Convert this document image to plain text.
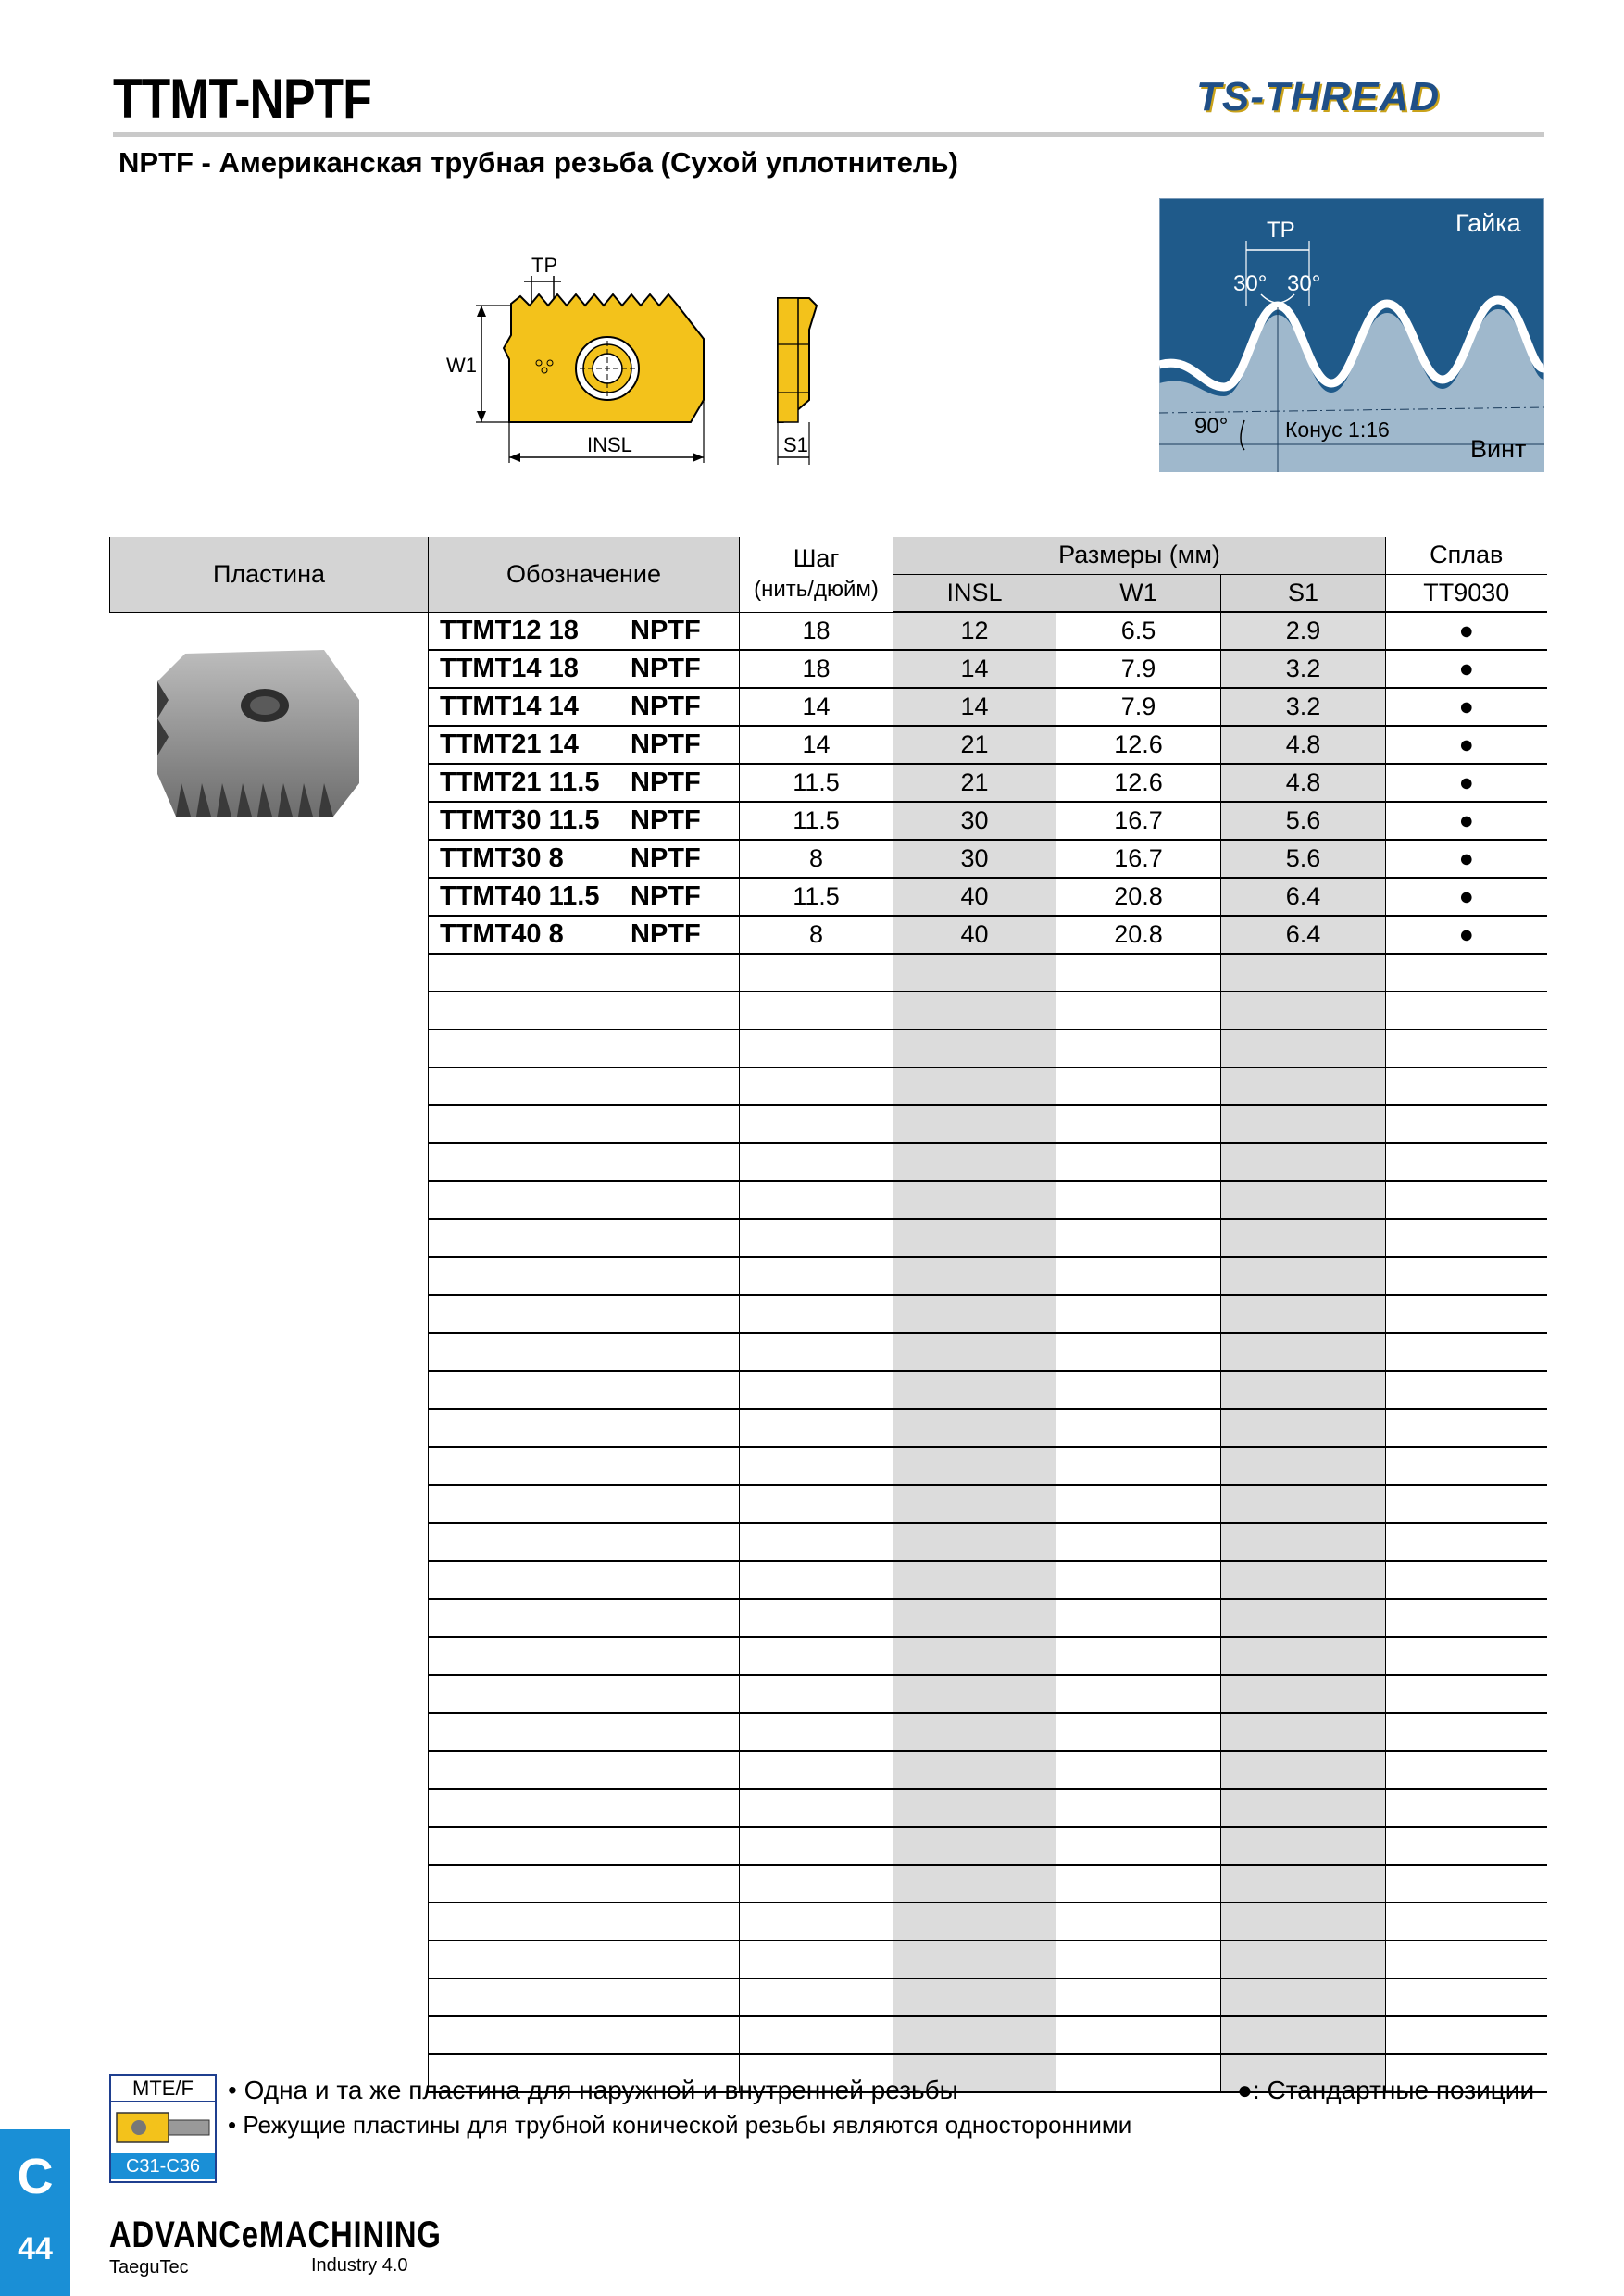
TTMT-NPTF	TS-THREAD
NPTF - Американская трубная резьба (Сухой уплотнитель)
TP
W1
INSL	S1
TP
30° 30°
Гайка
90°	Конус 1:16
Винт
Пластина	Обозначение	Шаг
(нить/дюйм)	Размеры (мм)			Сплав
			INSL	W1	S1	TT9030
	TTMT12 18 NPTF	18	12	6.5	2.9	●
	TTMT14 18 NPTF	18	14	7.9	3.2	●
	TTMT14 14 NPTF	14	14	7.9	3.2	●
	TTMT21 14 NPTF	14	21	12.6	4.8	●
	TTMT21 11.5 NPTF	11.5	21	12.6	4.8	●
	TTMT30 11.5 NPTF	11.5	30	16.7	5.6	●
	TTMT30 8 NPTF	8	30	16.7	5.6	●
	TTMT40 11.5 NPTF	11.5	40	20.8	6.4	●
	TTMT40 8 NPTF	8	40	20.8	6.4	●

MTE/F
C31-C36
• Одна и та же пластина для наружной и внутренней резьбы
• Режущие пластины для трубной конической резьбы являются односторонними
●: Стандартные позиции
C
44	ADVANCeMACHINING
TaeguTec	Industry 4.0
